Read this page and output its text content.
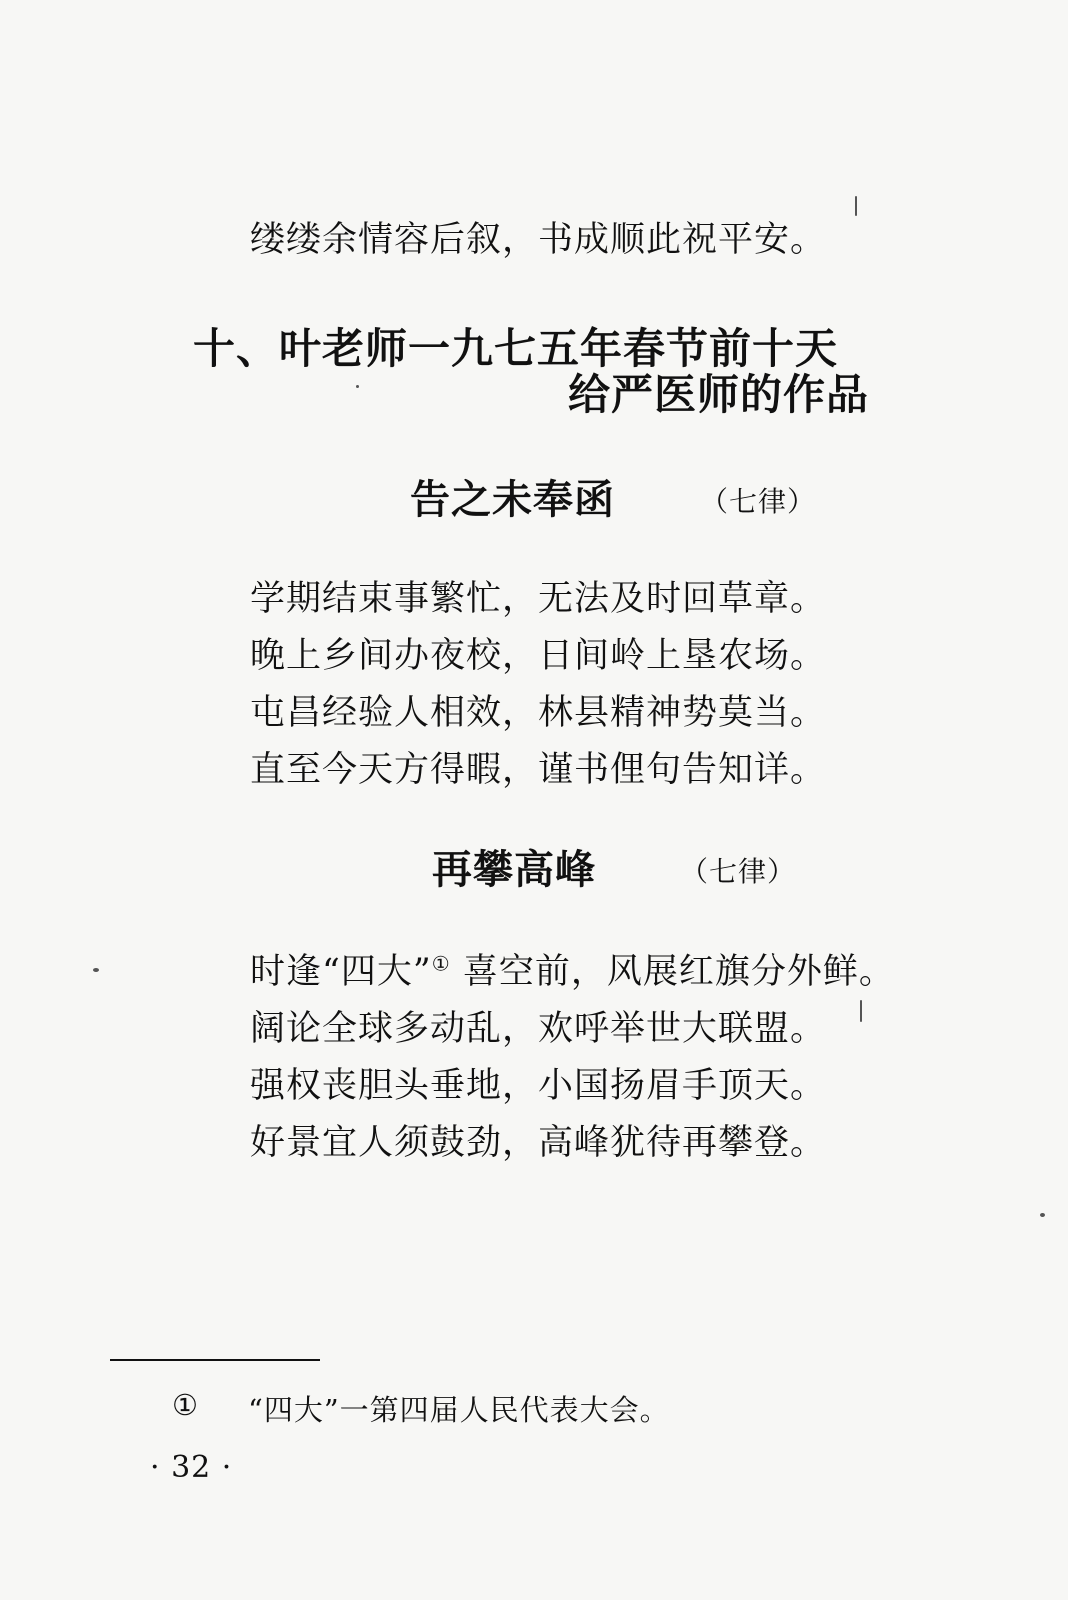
缕缕余情容后叙，书成顺此祝平安。
十、叶老师一九七五年春节前十天
给严医师的作品
告之未奉函	（七律）
学期结束事繁忙，无法及时回草章。
晚上乡间办夜校，日间岭上垦农场。
屯昌经验人相效，林县精神势莫当。
直至今天方得暇，谨书俚句告知详。
再攀高峰	（七律）
时逢“四大”① 喜空前，风展红旗分外鲜。
阔论全球多动乱，欢呼举世大联盟。
强权丧胆头垂地，小国扬眉手顶天。
好景宜人须鼓劲，高峰犹待再攀登。
① “四大”一第四届人民代表大会。
· 32 ·
